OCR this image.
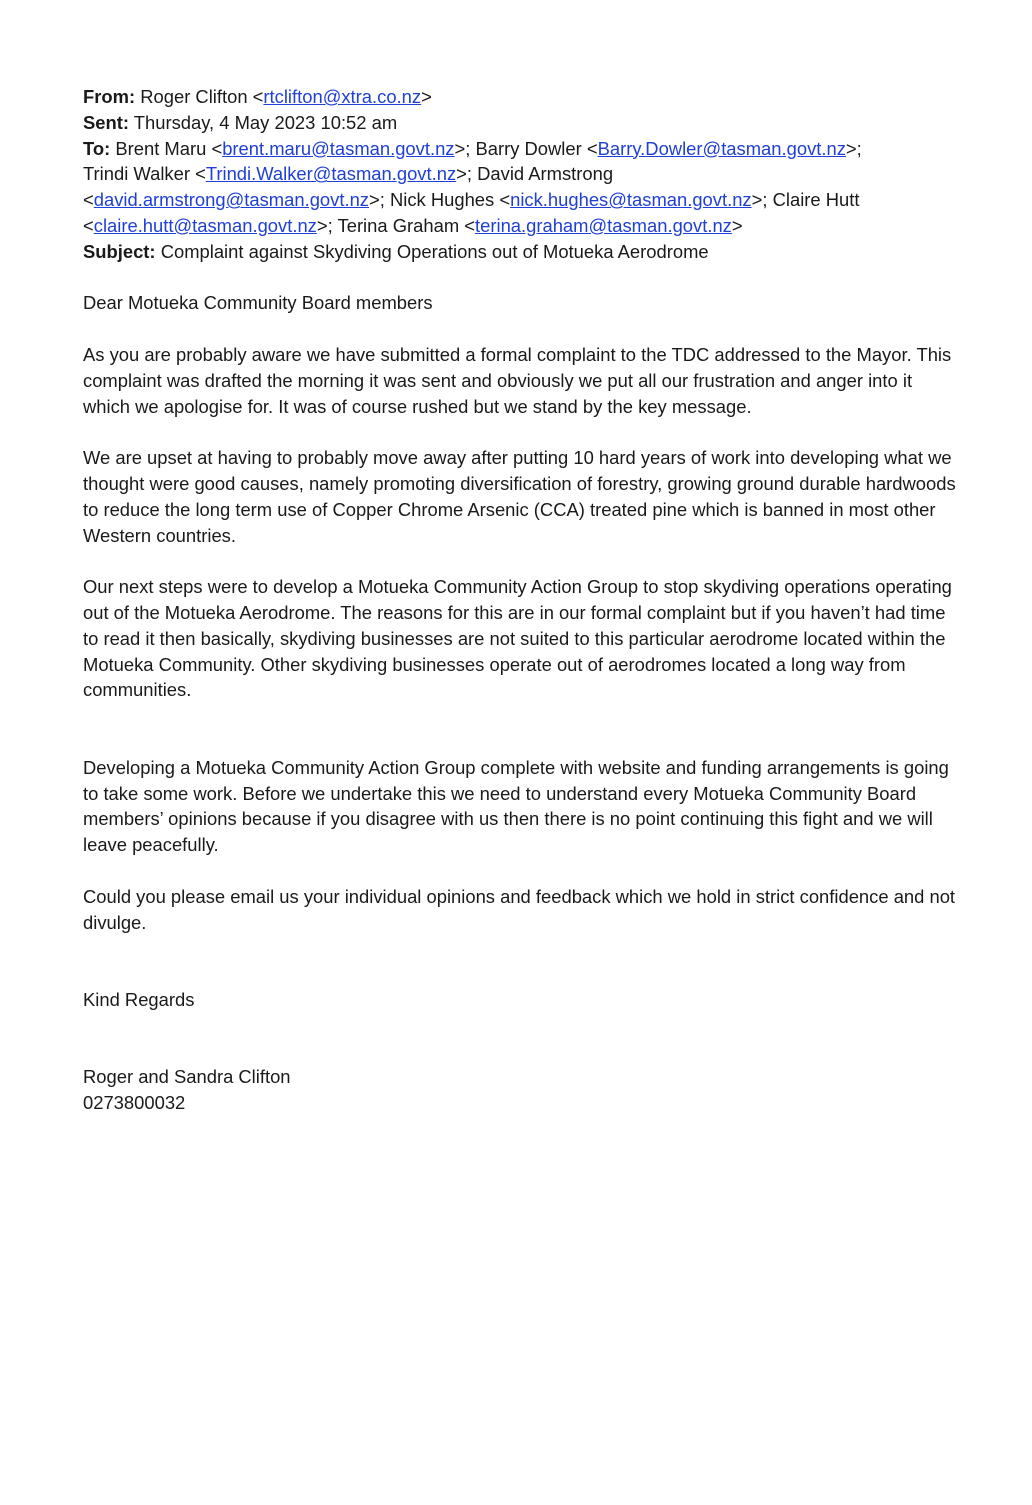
From: Roger Clifton <rtclifton@xtra.co.nz>

Sent: Thursday, 4 May 2023 10:52 am

To: Brent Maru <brent.maru@tasman.govt.nz>; Barry Dowler <Barry.Dowler@tasman.govt.nz>;

Trindi Walker <Trindi.Walker@tasman.govt.nz>; David Armstrong

<david.armstrong@tasman.govt.nz>; Nick Hughes <nick.hughes@tasman.govt.nz>; Claire Hutt

<claire.hutt@tasman.govt.nz>; Terina Graham <terina.graham@tasman.govt.nz>

Subject: Complaint against Skydiving Operations out of Motueka Aerodrome

Dear Motueka Community Board members

As you are probably aware we have submitted a formal complaint to the TDC addressed to the Mayor. This complaint was drafted the morning it was sent and obviously we put all our frustration and anger into it which we apologise for. It was of course rushed but we stand by the key message.

We are upset at having to probably move away after putting 10 hard years of work into developing what we thought were good causes, namely promoting diversification of forestry, growing ground durable hardwoods to reduce the long term use of Copper Chrome Arsenic (CCA) treated pine which is banned in most other Western countries.

Our next steps were to develop a Motueka Community Action Group to stop skydiving operations operating out of the Motueka Aerodrome. The reasons for this are in our formal complaint but if you haven’t had time to read it then basically, skydiving businesses are not suited to this particular aerodrome located within the Motueka Community. Other skydiving businesses operate out of aerodromes located a long way from communities.

Developing a Motueka Community Action Group complete with website and funding arrangements is going to take some work. Before we undertake this we need to understand every Motueka Community Board members’ opinions because if you disagree with us then there is no point continuing this fight and we will leave peacefully.

Could you please email us your individual opinions and feedback which we hold in strict confidence and not divulge.

Kind Regards

Roger and Sandra Clifton

0273800032
